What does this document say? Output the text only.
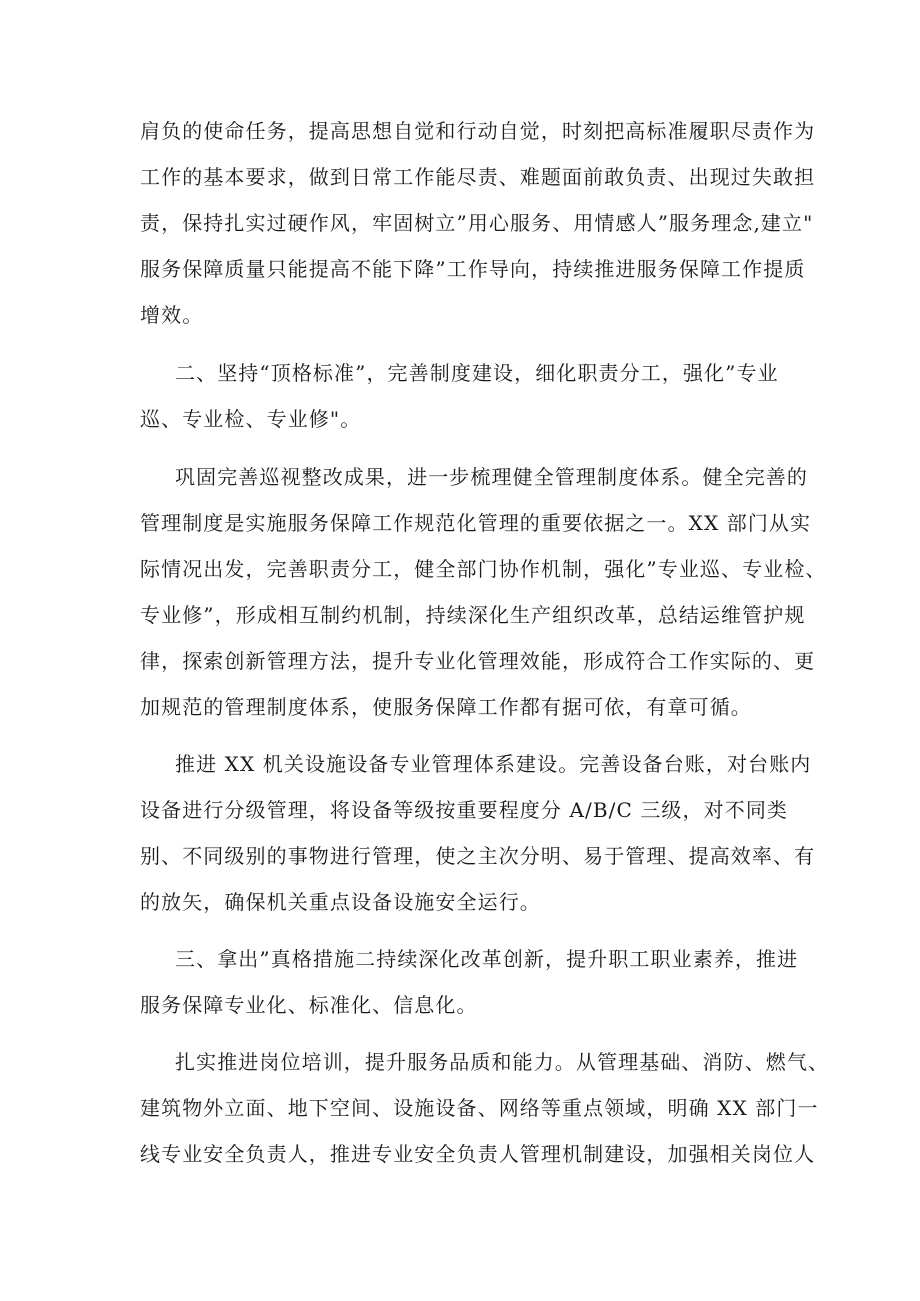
肩负的使命任务，提高思想自觉和行动自觉，时刻把高标准履职尽责作为
工作的基本要求，做到日常工作能尽责、难题面前敢负责、出现过失敢担
责，保持扎实过硬作风，牢固树立”用心服务、用情感人”服务理念,建立"
服务保障质量只能提高不能下降”工作导向，持续推进服务保障工作提质
增效。
二、坚持“顶格标准”，完善制度建设，细化职责分工，强化”专业
巡、专业检、专业修"。
巩固完善巡视整改成果，进一步梳理健全管理制度体系。健全完善的
管理制度是实施服务保障工作规范化管理的重要依据之一。XX 部门从实
际情况出发，完善职责分工，健全部门协作机制，强化”专业巡、专业检、
专业修”，形成相互制约机制，持续深化生产组织改革，总结运维管护规
律，探索创新管理方法，提升专业化管理效能，形成符合工作实际的、更
加规范的管理制度体系，使服务保障工作都有据可依，有章可循。
推进 XX 机关设施设备专业管理体系建设。完善设备台账，对台账内
设备进行分级管理，将设备等级按重要程度分 A/B/C 三级，对不同类
别、不同级别的事物进行管理，使之主次分明、易于管理、提高效率、有
的放矢，确保机关重点设备设施安全运行。
三、拿出”真格措施二持续深化改革创新，提升职工职业素养，推进
服务保障专业化、标准化、信息化。
扎实推进岗位培训，提升服务品质和能力。从管理基础、消防、燃气、
建筑物外立面、地下空间、设施设备、网络等重点领域，明确 XX 部门一
线专业安全负责人，推进专业安全负责人管理机制建设，加强相关岗位人
